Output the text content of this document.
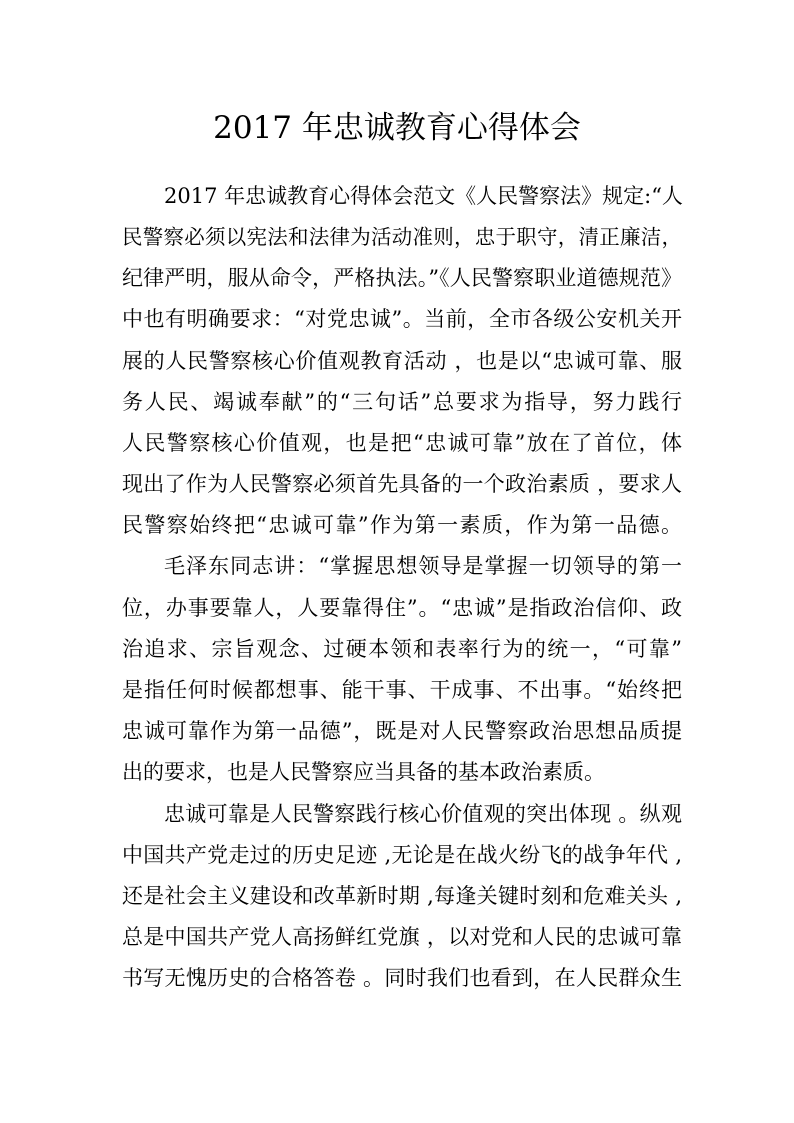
2017 年忠诚教育心得体会

2017 年忠诚教育心得体会范文《人民警察法》规定:“人

民警察必须以宪法和法律为活动准则，忠于职守，清正廉洁，

纪律严明，服从命令，严格执法。”《人民警察职业道德规范》

中也有明确要求：“对党忠诚”。当前，全市各级公安机关开

展的人民警察核心价值观教育活动 ，也是以“忠诚可靠、服

务人民、竭诚奉献”的“三句话”总要求为指导，努力践行

人民警察核心价值观，也是把“忠诚可靠”放在了首位，体

现出了作为人民警察必须首先具备的一个政治素质 ，要求人

民警察始终把“忠诚可靠”作为第一素质，作为第一品德。

毛泽东同志讲：“掌握思想领导是掌握一切领导的第一

位，办事要靠人，人要靠得住”。“忠诚”是指政治信仰、政

治追求、宗旨观念、过硬本领和表率行为的统一，“可靠”

是指任何时候都想事、能干事、干成事、不出事。“始终把

忠诚可靠作为第一品德”，既是对人民警察政治思想品质提

出的要求，也是人民警察应当具备的基本政治素质。

忠诚可靠是人民警察践行核心价值观的突出体现 。纵观

中国共产党走过的历史足迹 ,无论是在战火纷飞的战争年代 ,

还是社会主义建设和改革新时期 ,每逢关键时刻和危难关头 ,

总是中国共产党人高扬鲜红党旗 ，以对党和人民的忠诚可靠

书写无愧历史的合格答卷 。同时我们也看到，在人民群众生
